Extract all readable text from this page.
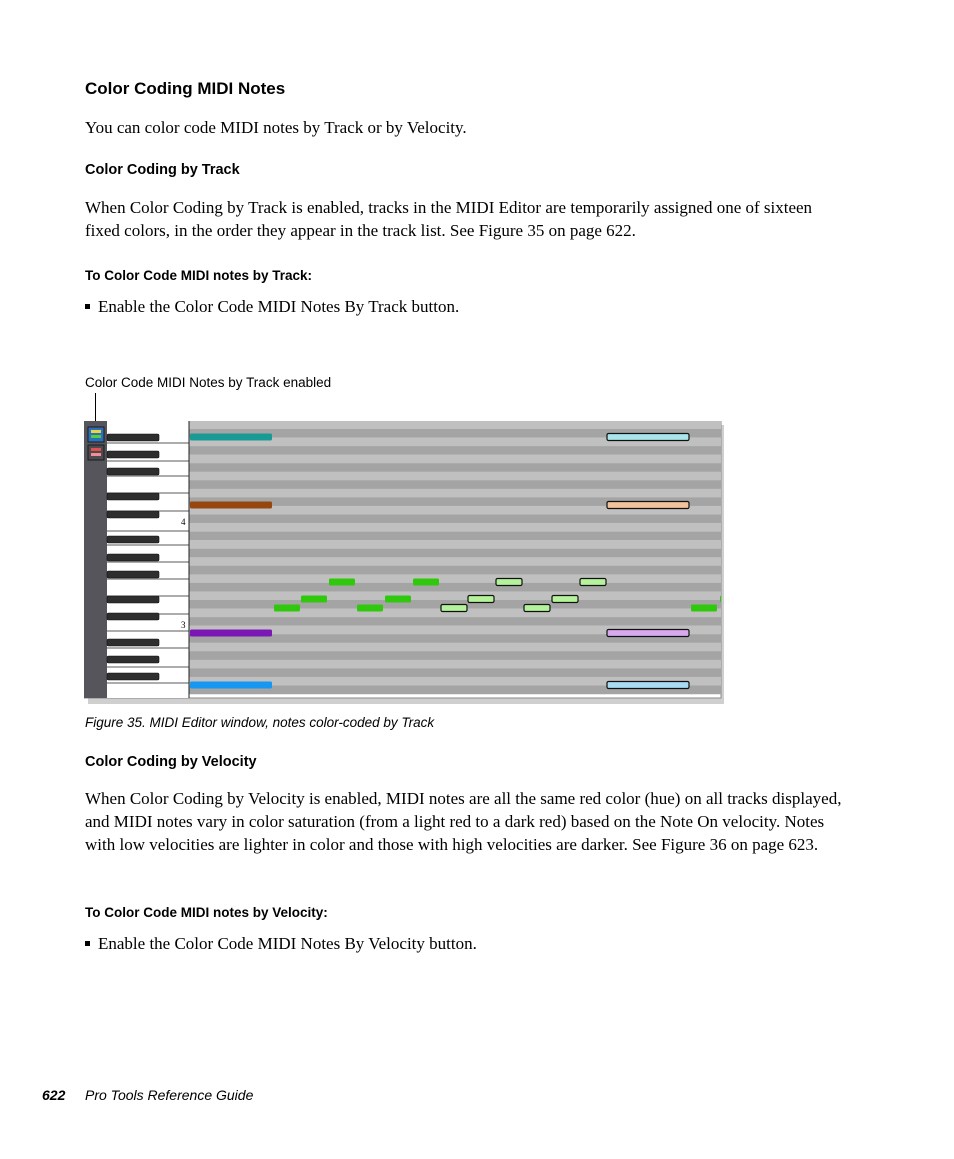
Color Coding MIDI Notes
You can color code MIDI notes by Track or by Velocity.
Color Coding by Track
When Color Coding by Track is enabled, tracks in the MIDI Editor are temporarily assigned one of sixteen fixed colors, in the order they appear in the track list. See Figure 35 on page 622.
To Color Code MIDI notes by Track:
Enable the Color Code MIDI Notes By Track button.
Color Code MIDI Notes by Track enabled
4
3
Figure 35. MIDI Editor window, notes color-coded by Track
Color Coding by Velocity
When Color Coding by Velocity is enabled, MIDI notes are all the same red color (hue) on all tracks displayed, and MIDI notes vary in color saturation (from a light red to a dark red) based on the Note On velocity. Notes with low velocities are lighter in color and those with high velocities are darker. See Figure 36 on page 623.
To Color Code MIDI notes by Velocity:
Enable the Color Code MIDI Notes By Velocity button.
622 Pro Tools Reference Guide
